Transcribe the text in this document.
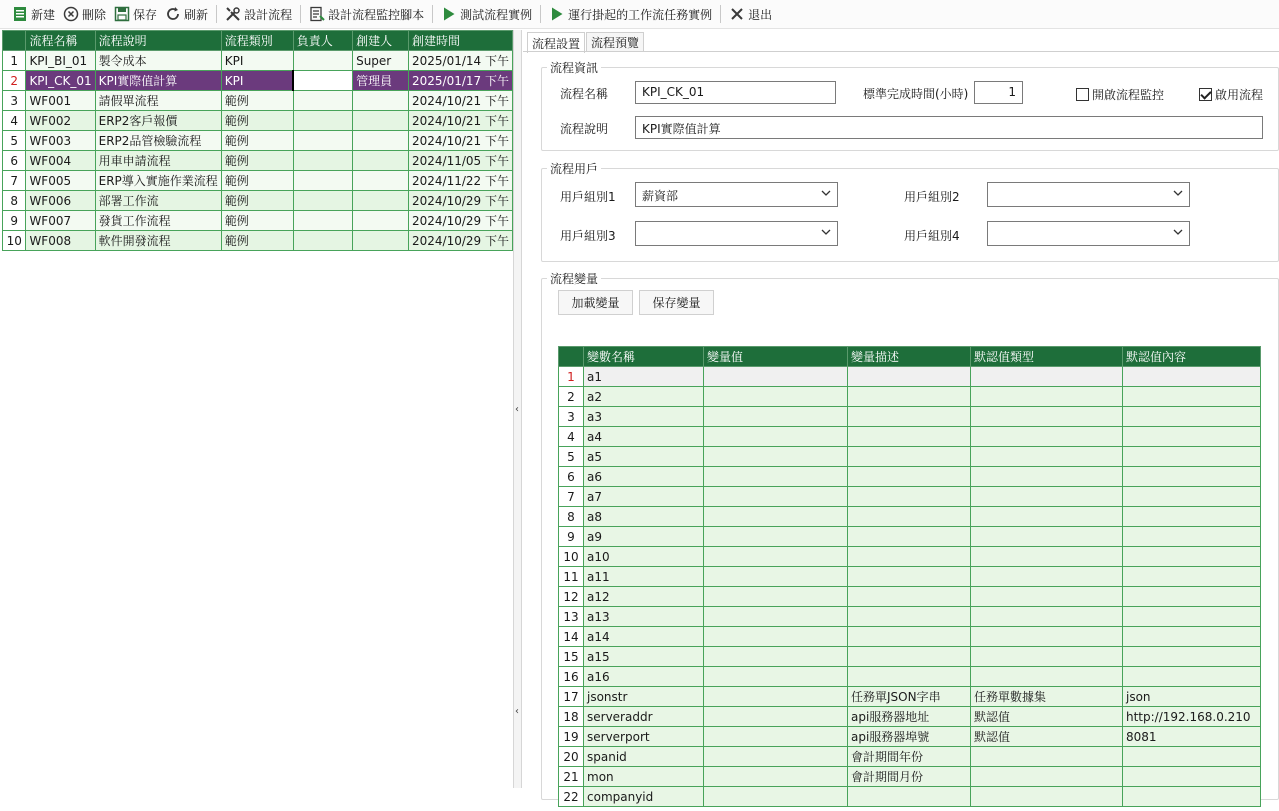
新建 刪除 保存 刷新	設計流程	設計流程監控腳本	測試流程實例	運行掛起的工作流任務實例	退出
	流程名稱	流程說明	流程類別	負責人	創建人	創建時間
1	KPI_BI_01	製令成本	KPI		Super	2025/01/14 下午
2	KPI_CK_01	KPI實際值計算	KPI		管理員	2025/01/17 下午
3	WF001	請假單流程	範例			2024/10/21 下午
4	WF002	ERP2客戶報價	範例			2024/10/21 下午
5	WF003	ERP2品管檢驗流程	範例			2024/10/21 下午
6	WF004	用車申請流程	範例			2024/11/05 下午
7	WF005	ERP導入實施作業流程	範例			2024/11/22 下午
8	WF006	部署工作流	範例			2024/10/29 下午
9	WF007	發貨工作流程	範例			2024/10/29 下午
10	WF008	軟件開發流程	範例			2024/10/29 下午
‹
‹
流程設置 流程預覽
流程資訊
流程名稱	KPI_CK_01	標準完成時間(小時)	1	開啟流程監控	啟用流程
流程說明	KPI實際值計算
流程用戶
用戶組別1	薪資部	用戶組別2
用戶組別3	用戶組別4
流程變量
加載變量	保存變量
	變數名稱	變量值	變量描述	默認值類型	默認值內容
1	a1				
2	a2				
3	a3				
4	a4				
5	a5				
6	a6				
7	a7				
8	a8				
9	a9				
10	a10				
11	a11				
12	a12				
13	a13				
14	a14				
15	a15				
16	a16				
17	jsonstr		任務單JSON字串	任務單數據集	json
18	serveraddr		api服務器地址	默認值	http://192.168.0.210
19	serverport		api服務器埠號	默認值	8081
20	spanid		會計期間年份		
21	mon		會計期間月份		
22	companyid				
